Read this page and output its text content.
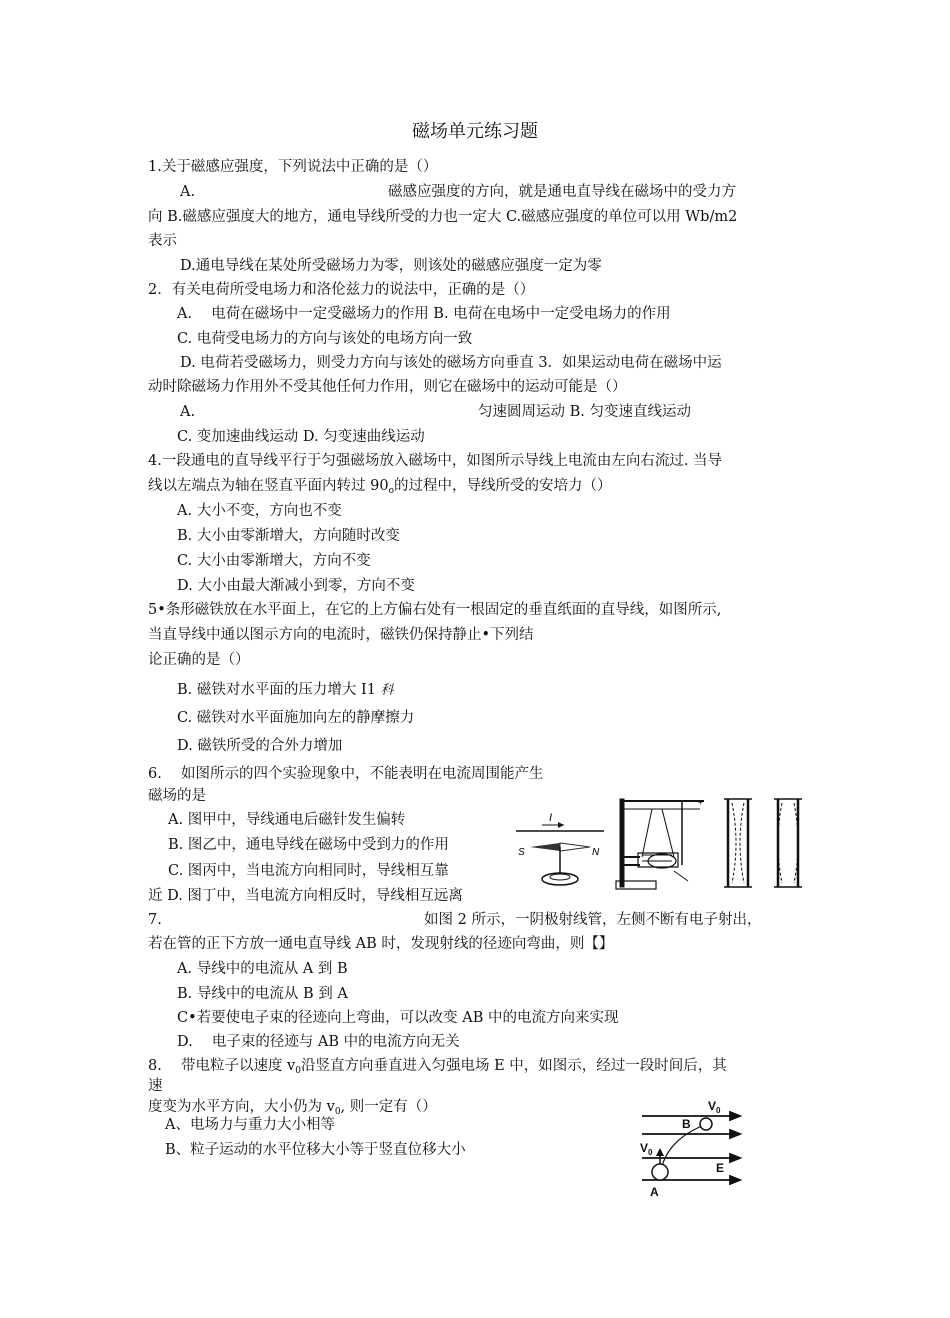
磁场单元练习题
1.关于磁感应强度，下列说法中正确的是（）
A.	磁感应强度的方向，就是通电直导线在磁场中的受力方
向 B.磁感应强度大的地方，通电导线所受的力也一定大 C.磁感应强度的单位可以用 Wb/m2
表示
D.通电导线在某处所受磁场力为零，则该处的磁感应强度一定为零
2．有关电荷所受电场力和洛伦兹力的说法中，正确的是（）
A.　 电荷在磁场中一定受磁场力的作用 B. 电荷在电场中一定受电场力的作用
C. 电荷受电场力的方向与该处的电场方向一致
D. 电荷若受磁场力，则受力方向与该处的磁场方向垂直 3．如果运动电荷在磁场中运
动时除磁场力作用外不受其他任何力作用，则它在磁场中的运动可能是（）
A.	匀速圆周运动 B. 匀变速直线运动
C. 变加速曲线运动 D. 匀变速曲线运动
4.一段通电的直导线平行于匀强磁场放入磁场中，如图所示导线上电流由左向右流过. 当导
线以左端点为轴在竖直平面内转过 $90_o$的过程中，导线所受的安培力（）
A. 大小不变，方向也不变
B. 大小由零渐增大，方向随时改变
C. 大小由零渐增大，方向不变
D. 大小由最大渐减小到零，方向不变
5•条形磁铁放在水平面上，在它的上方偏右处有一根固定的垂直纸面的直导线，如图所示,
当直导线中通以图示方向的电流时，磁铁仍保持静止•下列结
论正确的是（）
B. 磁铁对水平面的压力增大 I1 科
C. 磁铁对水平面施加向左的静摩擦力
D. 磁铁所受的合外力增加
6.　 如图所示的四个实验现象中，不能表明在电流周围能产生
磁场的是
A. 图甲中，导线通电后磁针发生偏转
B. 图乙中，通电导线在磁场中受到力的作用
C. 图丙中，当电流方向相同时，导线相互靠
近 D. 图丁中，当电流方向相反时，导线相互远离
I
S	N
+
7.	如图 2 所示，一阴极射线管，左侧不断有电子射出，
若在管的正下方放一通电直导线 AB 时，发现射线的径迹向弯曲，则【】
A. 导线中的电流从 A 到 B
B. 导线中的电流从 B 到 A
C•若要使电子束的径迹向上弯曲，可以改变 AB 中的电流方向来实现
D.　 电子束的径迹与 AB 中的电流方向无关
8.　 带电粒子以速度 $v_0$沿竖直方向垂直进入匀强电场 E 中，如图示，经过一段时间后，其
速
度变为水平方向，大小仍为 $v_0$, 则一定有（）
A、电场力与重力大小相等
B、粒子运动的水平位移大小等于竖直位移大小
V 0
B
V 0
E
A
